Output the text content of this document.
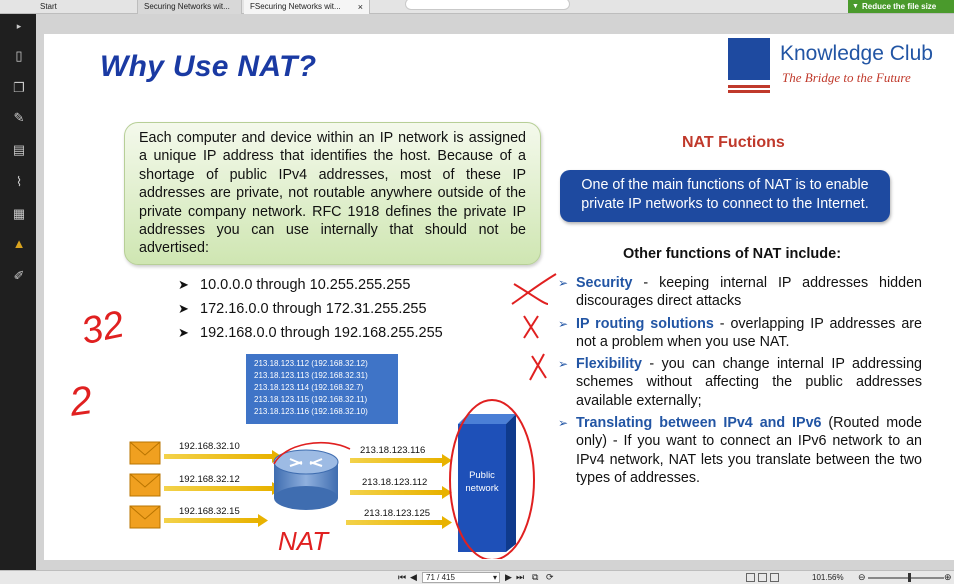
Start	Securing Networks wit...	FSecuring Networks wit... ×	▼ Reduce the file size
▸
▯
❐
✎
▤
⌇
▦
▲
✐
Why Use NAT?	Knowledge Club
The Bridge to the Future
Each computer and device within an IP network is assigned a unique IP address that identifies the host. Because of a shortage of public IPv4 addresses, most of these IP addresses are private, not routable anywhere outside of the private company network. RFC 1918 defines the private IP addresses you can use internally that should not be advertised:
➤ 10.0.0.0 through 10.255.255.255
➤ 172.16.0.0 through 172.31.255.255
➤ 192.168.0.0 through 192.168.255.255
NAT Fuctions
One of the main functions of NAT is to enable private IP networks to connect to the Internet.
Other functions of NAT include:
➢ Security - keeping internal IP addresses hidden discourages direct attacks
➢ IP routing solutions - overlapping IP addresses are not a problem when you use NAT.
➢ Flexibility - you can change internal IP addressing schemes without affecting the public addresses available externally;
➢ Translating between IPv4 and IPv6 (Routed mode only) - If you want to connect an IPv6 network to an IPv4 network, NAT lets you translate between the two types of addresses.
213.18.123.112 (192.168.32.12)
213.18.123.113 (192.168.32.31)
213.18.123.114 (192.168.32.7)
213.18.123.115 (192.168.32.11)
213.18.123.116 (192.168.32.10)
192.168.32.10
192.168.32.12
192.168.32.15
213.18.123.116
213.18.123.112
213.18.123.125
Public
network
NAT
32
2
⏮ ◀	71 / 415	▾ ▶ ⏭ ⧉ ⟳	101.56% ⊖	⊕
